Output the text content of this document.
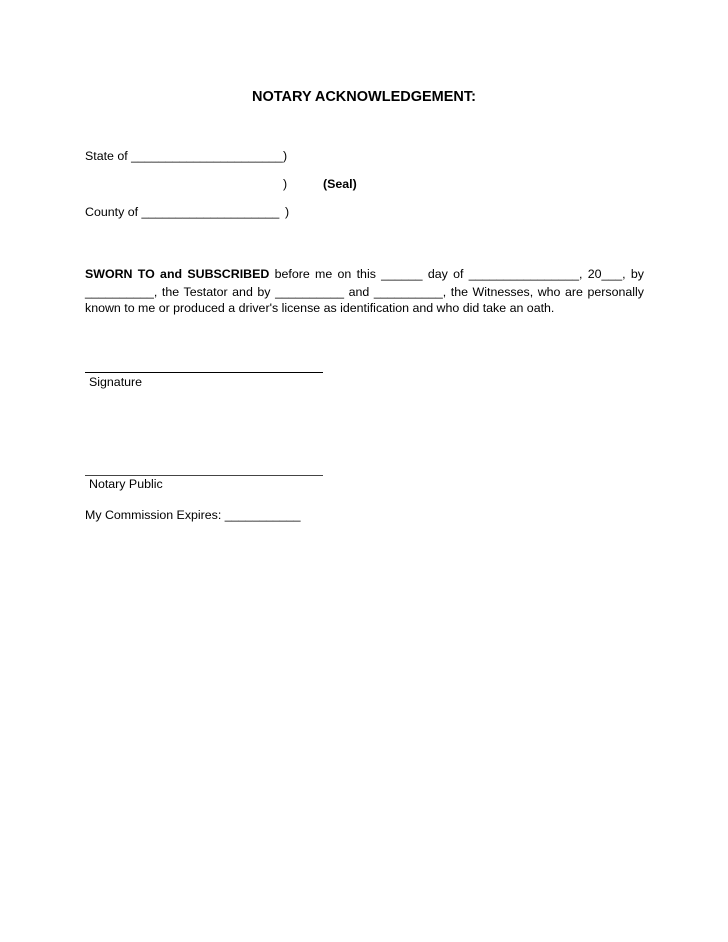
NOTARY ACKNOWLEDGEMENT:
State of ______________________ )
)	(Seal)
County of ____________________ )
SWORN TO and SUBSCRIBED before me on this ______ day of ________________, 20___, by
__________, the Testator and by __________ and __________, the Witnesses, who are personally
known to me or produced a driver's license as identification and who did take an oath.
Signature
Notary Public
My Commission Expires: ___________
